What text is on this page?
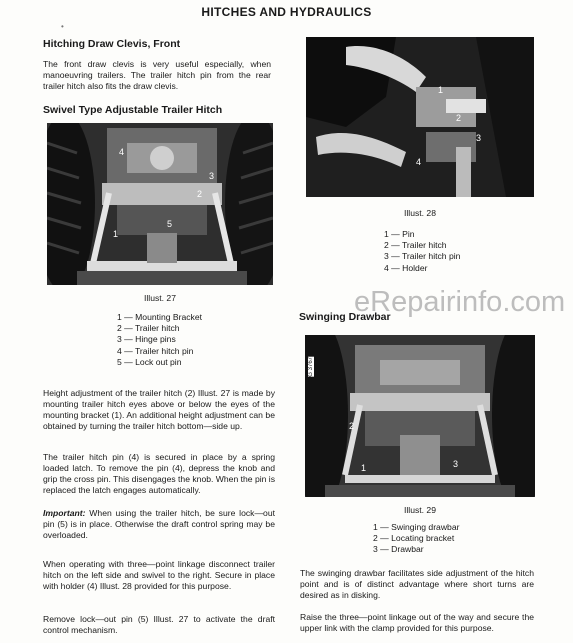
HITCHES AND HYDRAULICS
•
Hitching Draw Clevis, Front
The front draw clevis is very useful especially, when manoeuvring trailers. The trailer hitch pin from the rear trailer hitch also fits the draw clevis.
Swivel Type Adjustable Trailer Hitch
4
3
2
1
5
Illust. 27
1 — Mounting Bracket
2 — Trailer hitch
3 — Hinge pins
4 — Trailer hitch pin
5 — Lock out pin
Height adjustment of the trailer hitch (2) Illust. 27 is made by mounting trailer hitch eyes above or below the eyes of the mounting bracket (1). An additional height adjustment can be obtained by turning the trailer hitch bottom—side up.
The trailer hitch pin (4) is secured in place by a spring loaded latch. To remove the pin (4), depress the knob and grip the cross pin. This disengages the knob. When the pin is replaced the latch engages automatically.
Important: When using the trailer hitch, be sure lock—out pin (5) is in place. Otherwise the draft control spring may be overloaded.
When operating with three—point linkage disconnect trailer hitch on the left side and swivel to the right. Secure in place with holder (4) Illust. 28 provided for this purpose.
Remove lock—out pin (5) Illust. 27 to activate the draft control mechanism.
1
2
3
4
Illust. 28
1 — Pin
2 — Trailer hitch
3 — Trailer hitch pin
4 — Holder
eRepairinfo.com
Swinging Drawbar
G 3767
1
2
3
Illust. 29
1 — Swinging drawbar
2 — Locating bracket
3 — Drawbar
The swinging drawbar facilitates side adjustment of the hitch point and is of distinct advantage where short turns are desired as in disking.
Raise the three—point linkage out of the way and secure the upper link with the clamp provided for this purpose.
